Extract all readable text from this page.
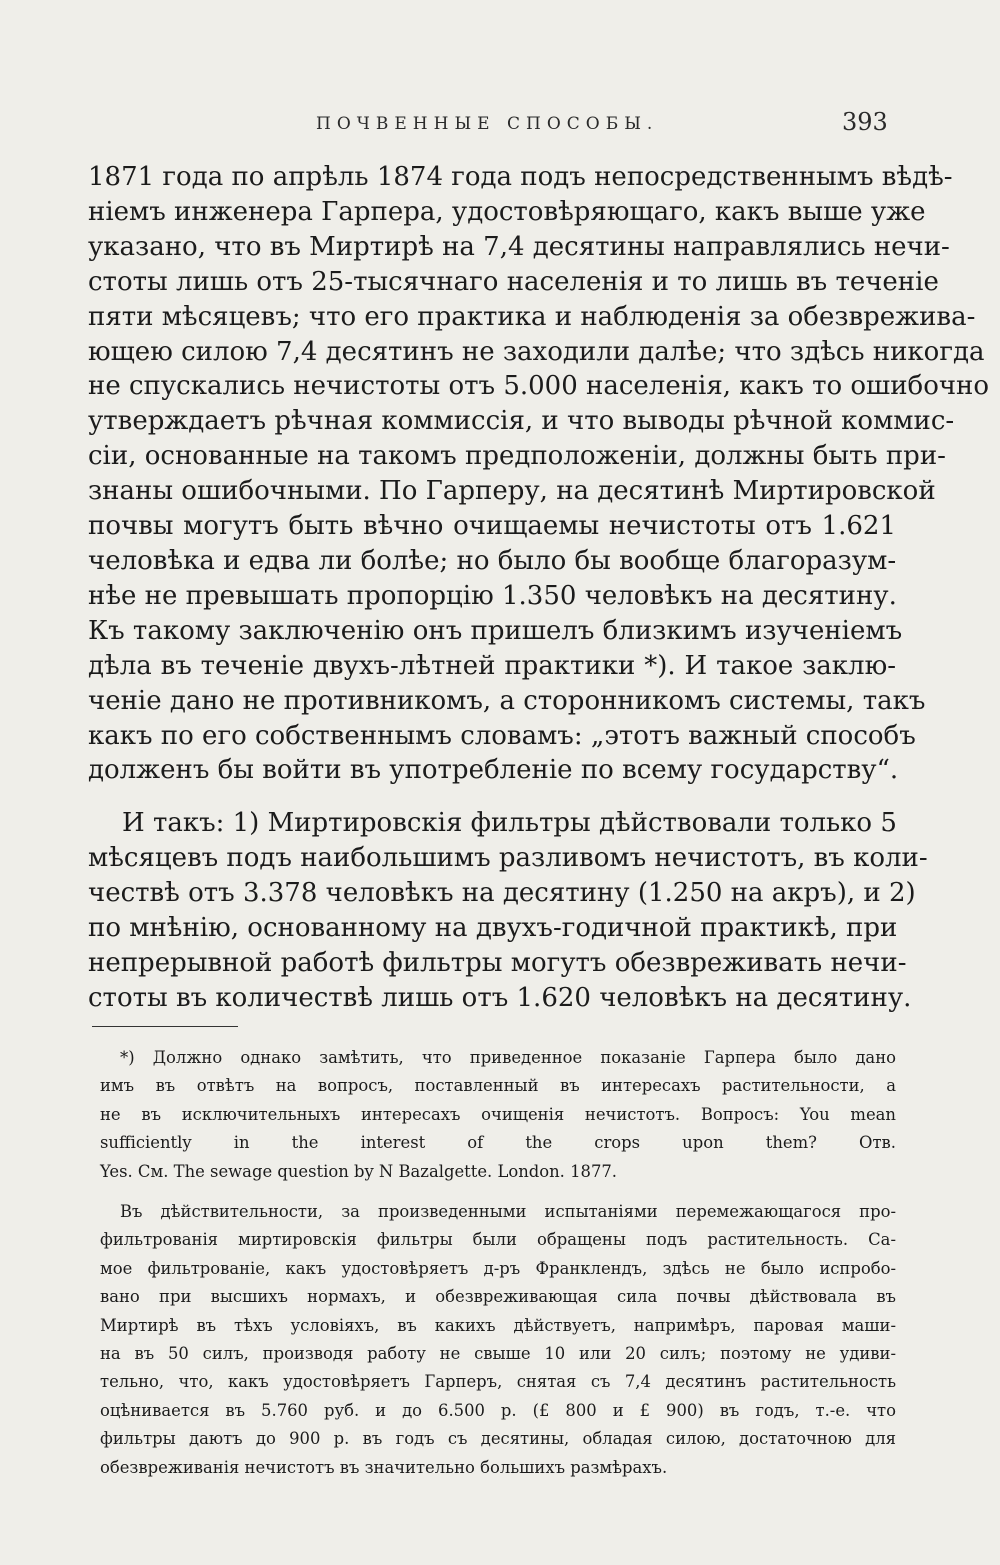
ПОЧВЕННЫЕ СПОСОБЫ.	393
1871 года по апрѣль 1874 года подъ непосредственнымъ вѣдѣ-
ніемъ инженера Гарпера, удостовѣряющаго, какъ выше уже
указано, что въ Миртирѣ на 7,4 десятины направлялись нечи-
стоты лишь отъ 25-тысячнаго населенія и то лишь въ теченіе
пяти мѣсяцевъ; что его практика и наблюденія за обезврежива-
ющею силою 7,4 десятинъ не заходили далѣе; что здѣсь никогда
не спускались нечистоты отъ 5.000 населенія, какъ то ошибочно
утверждаетъ рѣчная коммиссія, и что выводы рѣчной коммис-
сіи, основанные на такомъ предположеніи, должны быть при-
знаны ошибочными. По Гарперу, на десятинѣ Миртировской
почвы могутъ быть вѣчно очищаемы нечистоты отъ 1.621
человѣка и едва ли болѣе; но было бы вообще благоразум-
нѣе не превышать пропорцію 1.350 человѣкъ на десятину.
Къ такому заключенію онъ пришелъ близкимъ изученіемъ
дѣла въ теченіе двухъ-лѣтней практики *). И такое заклю-
ченіе дано не противникомъ, а сторонникомъ системы, такъ
какъ по его собственнымъ словамъ: „этотъ важный способъ
долженъ бы войти въ употребленіе по всему государству“.
И такъ: 1) Миртировскія фильтры дѣйствовали только 5
мѣсяцевъ подъ наибольшимъ разливомъ нечистотъ, въ коли-
чествѣ отъ 3.378 человѣкъ на десятину (1.250 на акръ), и 2)
по мнѣнію, основанному на двухъ-годичной практикѣ, при
непрерывной работѣ фильтры могутъ обезвреживать нечи-
стоты въ количествѣ лишь отъ 1.620 человѣкъ на десятину.
*) Должно однако замѣтить, что приведенное показаніе Гарпера было дано
имъ въ отвѣтъ на вопросъ, поставленный въ интересахъ растительности, а
не въ исключительныхъ интересахъ очищенія нечистотъ. Вопросъ: You mean
sufficiently in the interest of the crops upon them? Отв.
Yes. См. The sewage question by N Bazalgette. London. 1877.
Въ дѣйствительности, за произведенными испытаніями перемежающагося про-
фильтрованія миртировскія фильтры были обращены подъ растительность. Са-
мое фильтрованіе, какъ удостовѣряетъ д-ръ Франклендъ, здѣсь не было испробо-
вано при высшихъ нормахъ, и обезвреживающая сила почвы дѣйствовала въ
Миртирѣ въ тѣхъ условіяхъ, въ какихъ дѣйствуетъ, напримѣръ, паровая маши-
на въ 50 силъ, производя работу не свыше 10 или 20 силъ; поэтому не удиви-
тельно, что, какъ удостовѣряетъ Гарперъ, снятая съ 7,4 десятинъ растительность
оцѣнивается въ 5.760 руб. и до 6.500 р. (£ 800 и £ 900) въ годъ, т.-е. что
фильтры даютъ до 900 р. въ годъ съ десятины, обладая силою, достаточною для
обезвреживанія нечистотъ въ значительно большихъ размѣрахъ.
